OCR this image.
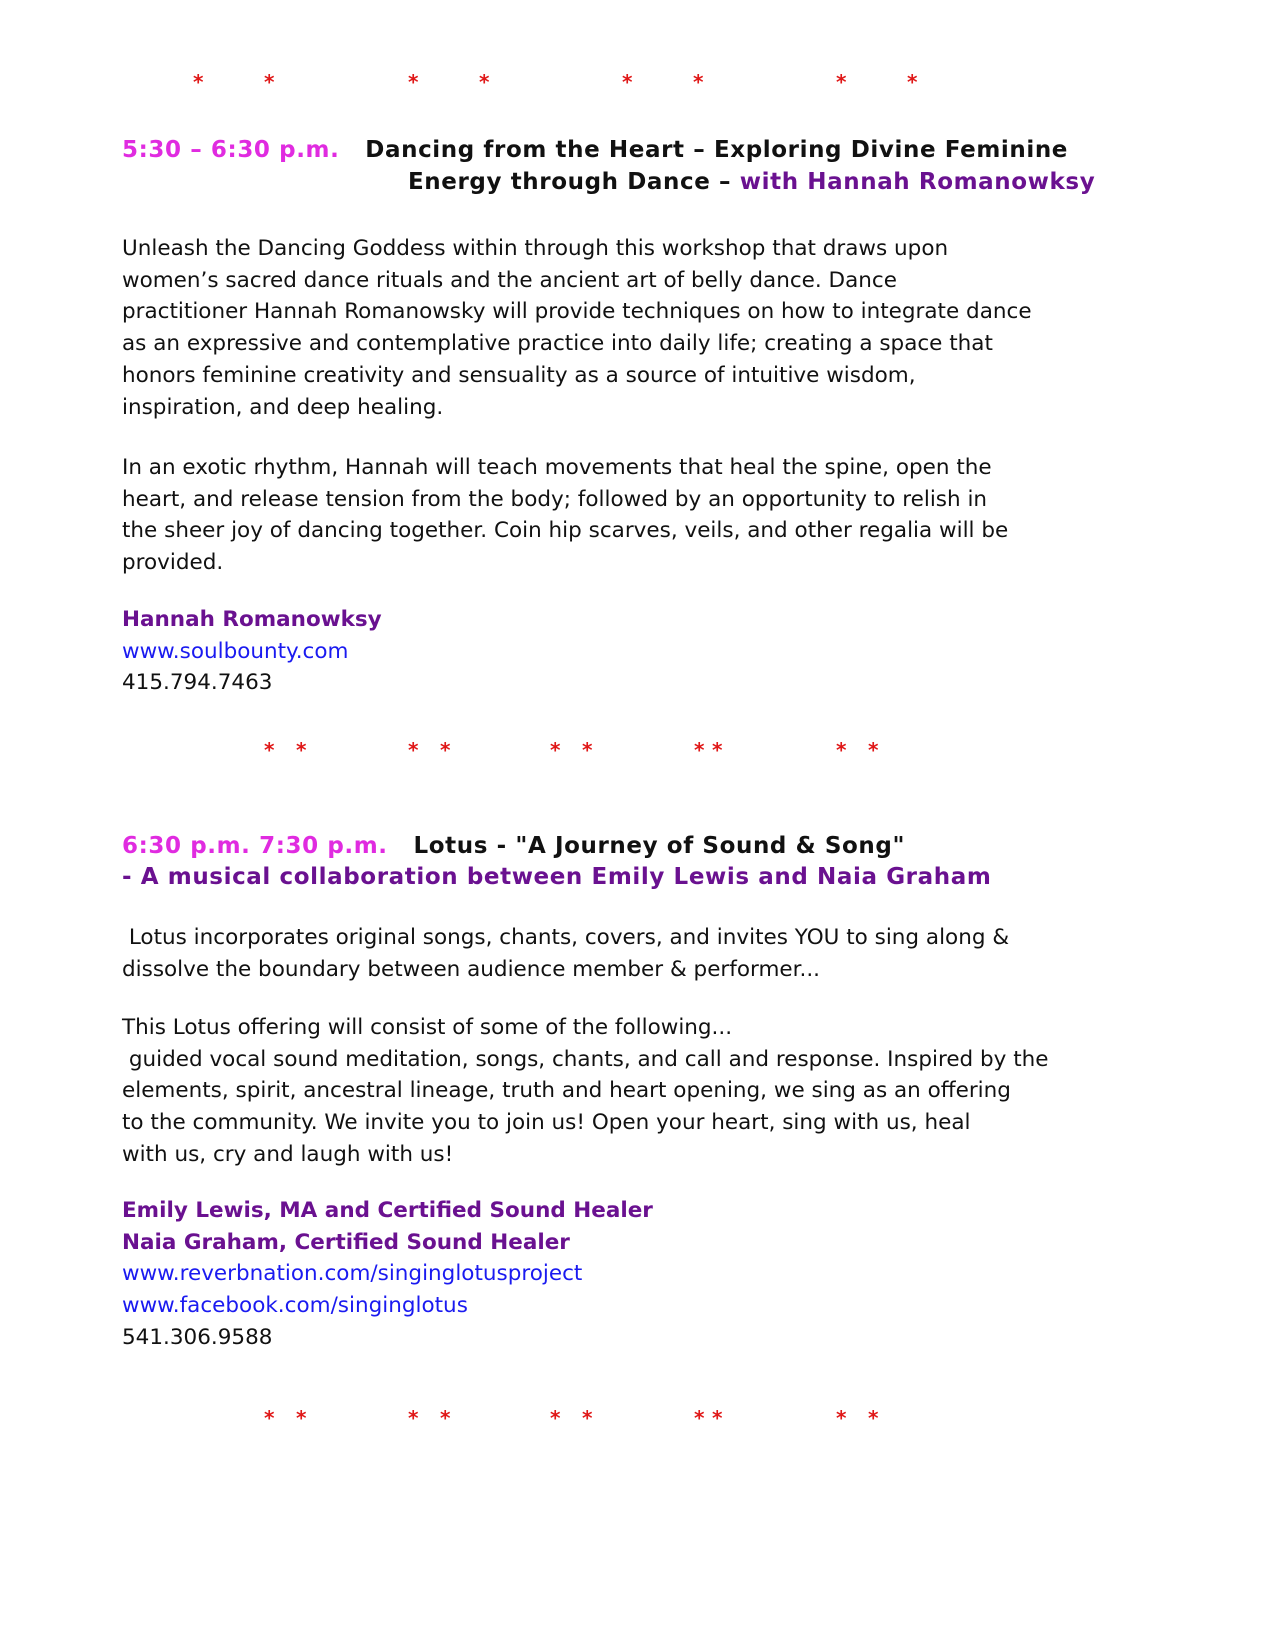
*	*	*	*	*	*	*	*
5:30 – 6:30 p.m. Dancing from the Heart – Exploring Divine Feminine
Energy through Dance – with Hannah Romanowksy

Unleash the Dancing Goddess within through this workshop that draws upon
women’s sacred dance rituals and the ancient art of belly dance. Dance
practitioner Hannah Romanowsky will provide techniques on how to integrate dance
as an expressive and contemplative practice into daily life; creating a space that
honors feminine creativity and sensuality as a source of intuitive wisdom,
inspiration, and deep healing.

In an exotic rhythm, Hannah will teach movements that heal the spine, open the
heart, and release tension from the body; followed by an opportunity to relish in
the sheer joy of dancing together. Coin hip scarves, veils, and other regalia will be
provided.

Hannah Romanowksy
www.soulbounty.com
415.794.7463
* *	* *	* *	* *	* *
6:30 p.m. 7:30 p.m. Lotus - "A Journey of Sound & Song"
- A musical collaboration between Emily Lewis and Naia Graham

Lotus incorporates original songs, chants, covers, and invites YOU to sing along &
dissolve the boundary between audience member & performer...

This Lotus offering will consist of some of the following...
guided vocal sound meditation, songs, chants, and call and response. Inspired by the
elements, spirit, ancestral lineage, truth and heart opening, we sing as an offering
to the community. We invite you to join us! Open your heart, sing with us, heal
with us, cry and laugh with us!

Emily Lewis, MA and Certified Sound Healer
Naia Graham, Certified Sound Healer
www.reverbnation.com/singinglotusproject
www.facebook.com/singinglotus
541.306.9588
* *	* *	* *	* *	* *
